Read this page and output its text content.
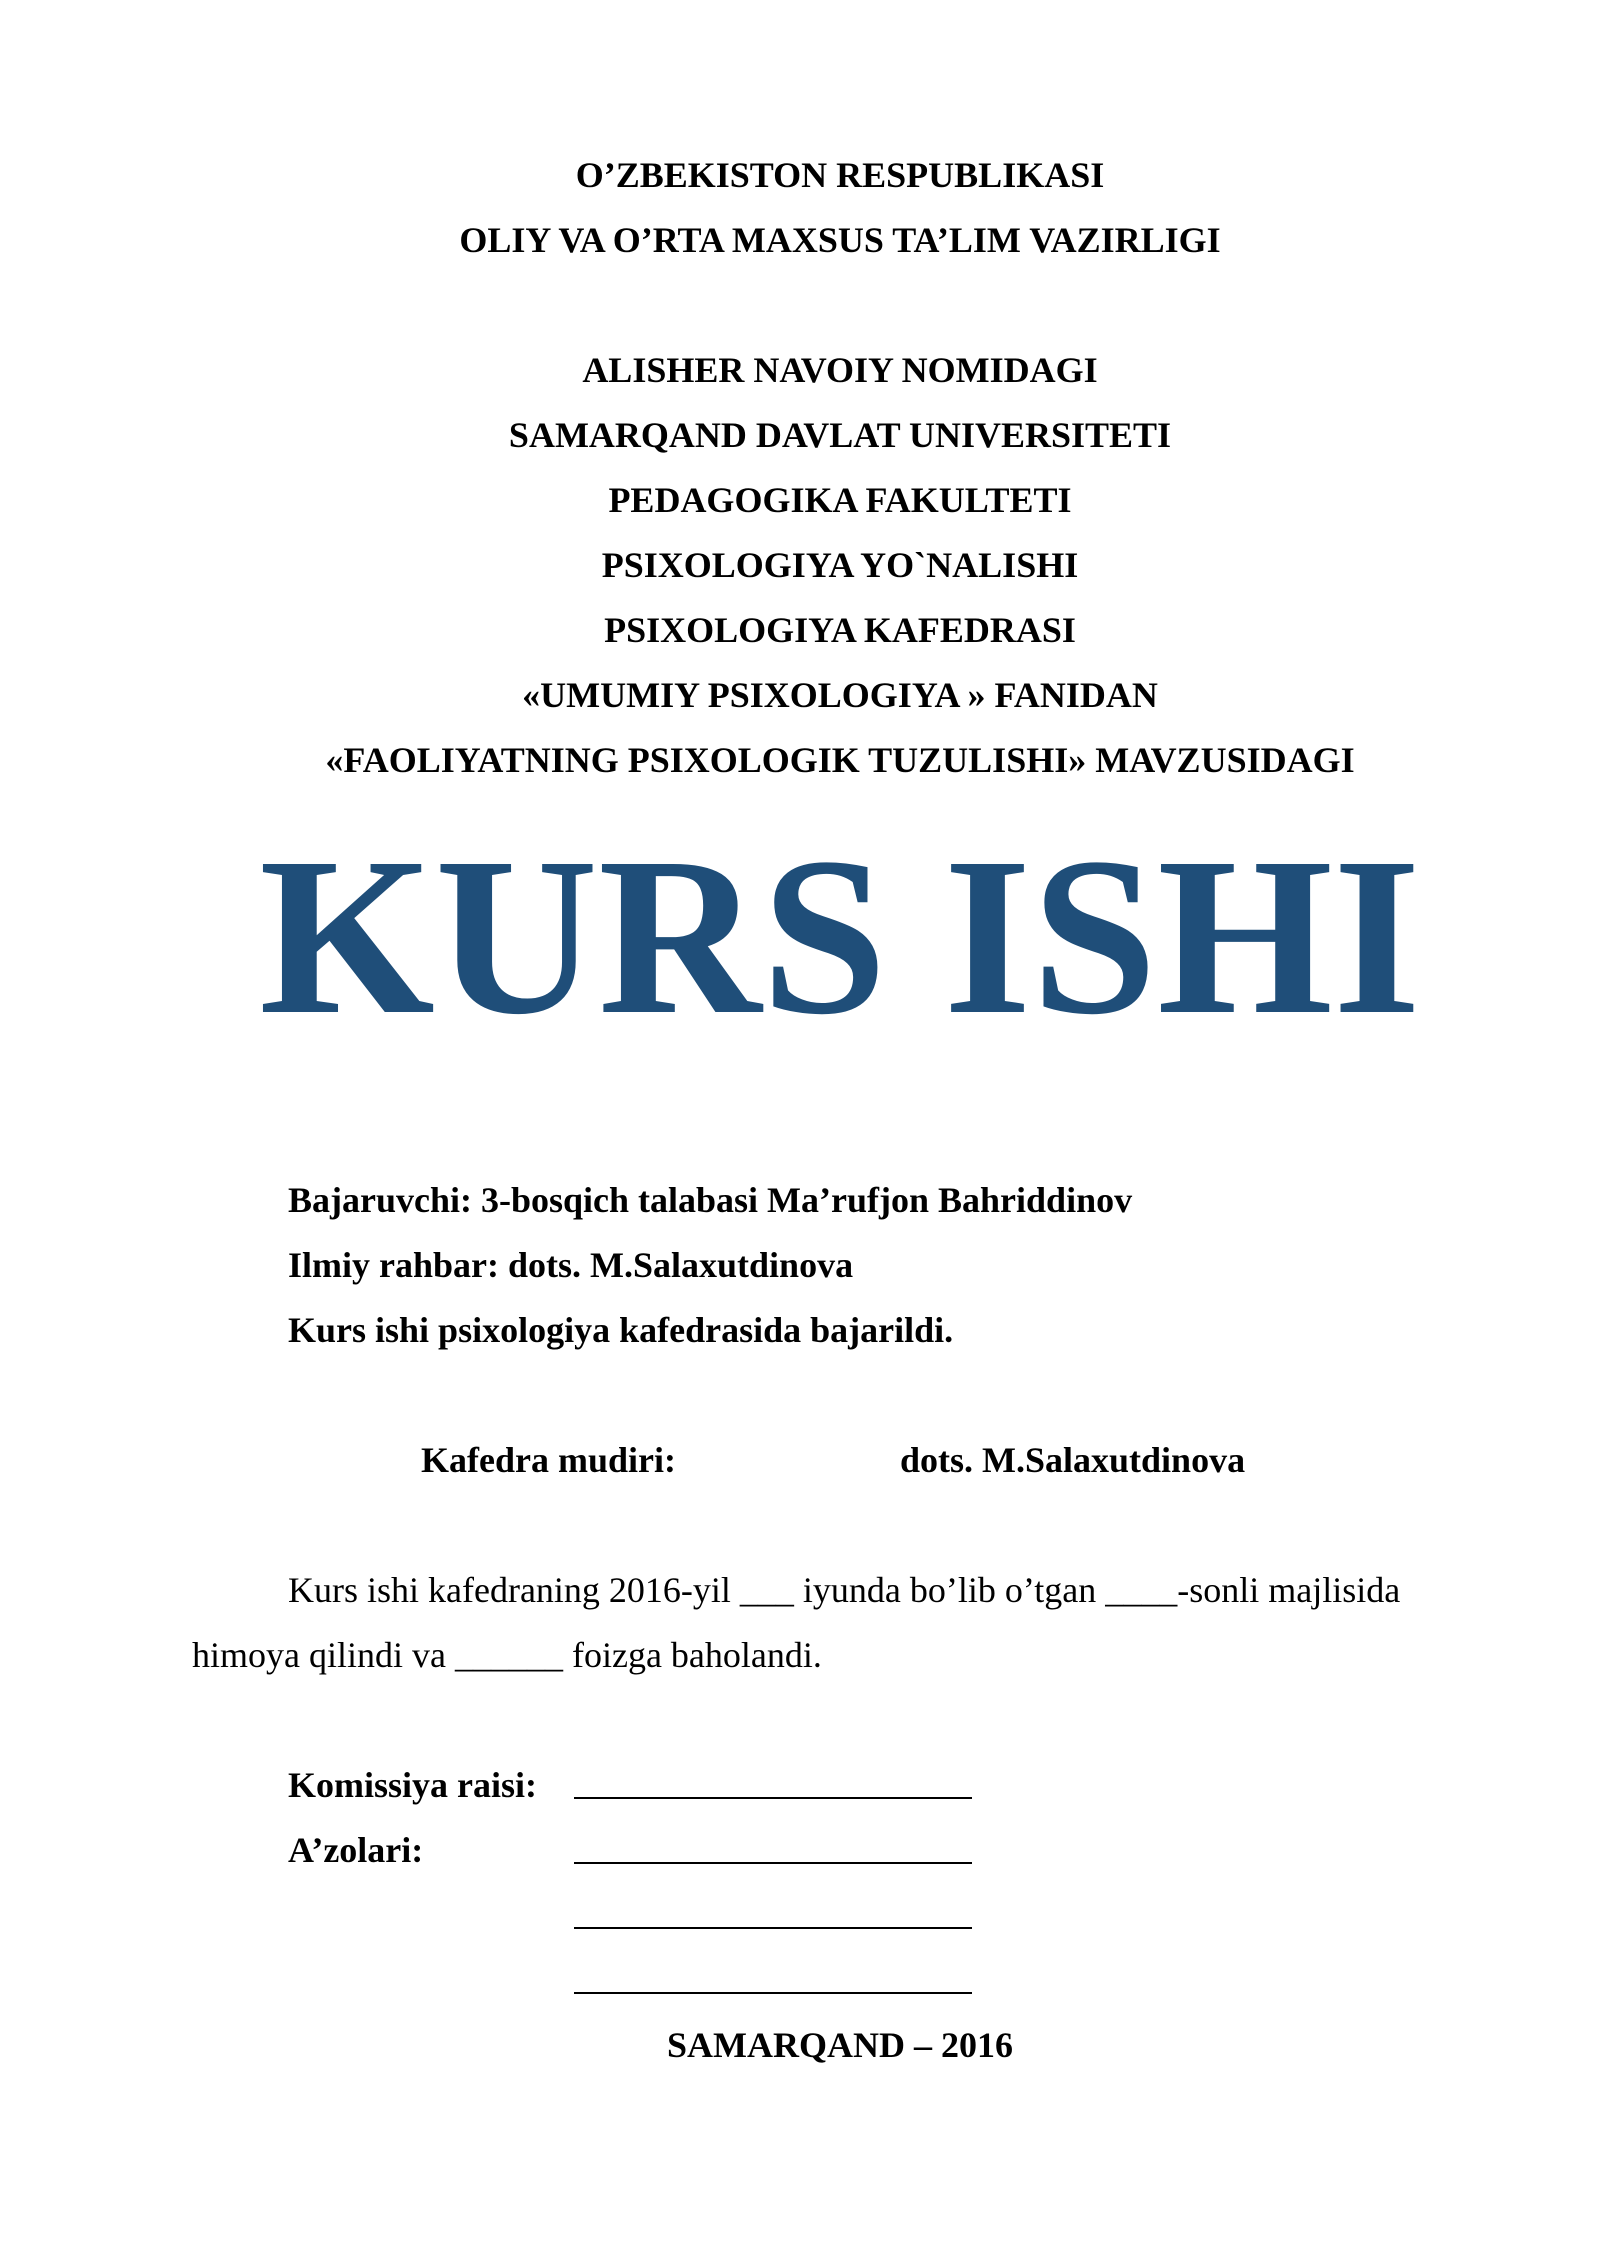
O’ZBEKISTON RESPUBLIKASI
OLIY VA O’RTA MAXSUS TA’LIM VAZIRLIGI
ALISHER NAVOIY NOMIDAGI
SAMARQAND DAVLAT UNIVERSITETI
PEDAGOGIKA FAKULTETI
PSIXOLOGIYA YO`NALISHI
PSIXOLOGIYA KAFEDRASI
«UMUMIY PSIXOLOGIYA » FANIDAN
«FAOLIYATNING PSIXOLOGIK TUZULISHI» MAVZUSIDAGI
KURS ISHI
Bajaruvchi: 3-bosqich talabasi Ma’rufjon Bahriddinov
Ilmiy rahbar: dots. M.Salaxutdinova
Kurs ishi psixologiya kafedrasida bajarildi.
Kafedra mudiri:	dots. M.Salaxutdinova
Kurs ishi kafedraning 2016-yil ___ iyunda bo’lib o’tgan ____-sonli majlisida
himoya qilindi va ______ foizga baholandi.
Komissiya raisi:
A’zolari:
SAMARQAND – 2016
